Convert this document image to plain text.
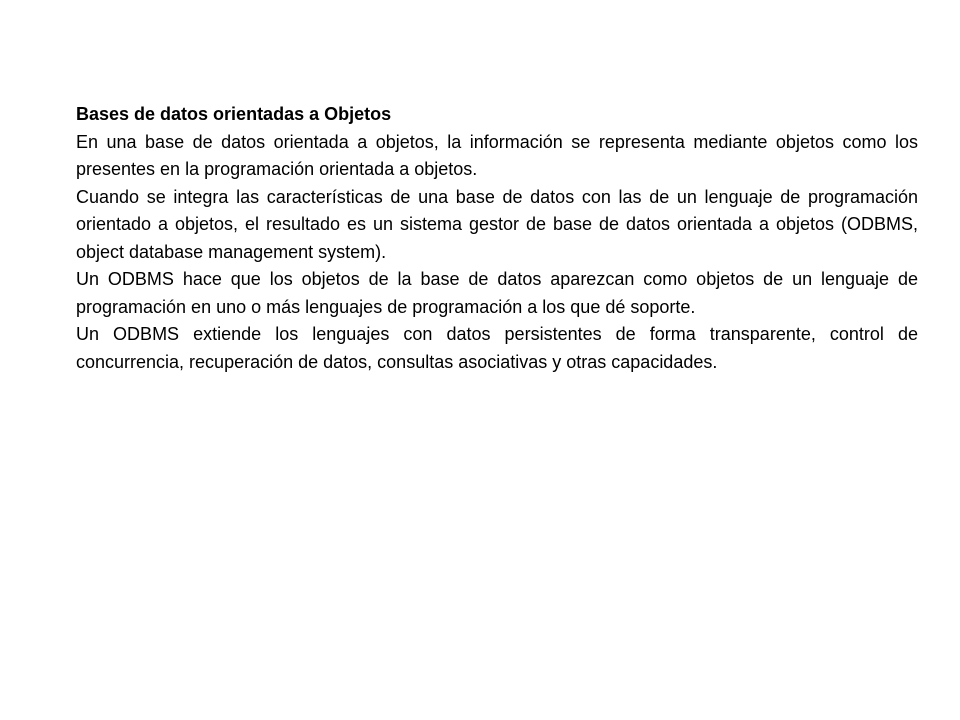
Bases de datos orientadas a Objetos

En una base de datos orientada a objetos, la información se representa mediante objetos como los presentes en la programación orientada a objetos.

Cuando se integra las características de una base de datos con las de un lenguaje de programación orientado a objetos, el resultado es un sistema gestor de base de datos orientada a objetos (ODBMS, object database management system).

Un ODBMS hace que los objetos de la base de datos aparezcan como objetos de un lenguaje de programación en uno o más lenguajes de programación a los que dé soporte.

Un ODBMS extiende los lenguajes con datos persistentes de forma transparente, control de concurrencia, recuperación de datos, consultas asociativas y otras capacidades.
